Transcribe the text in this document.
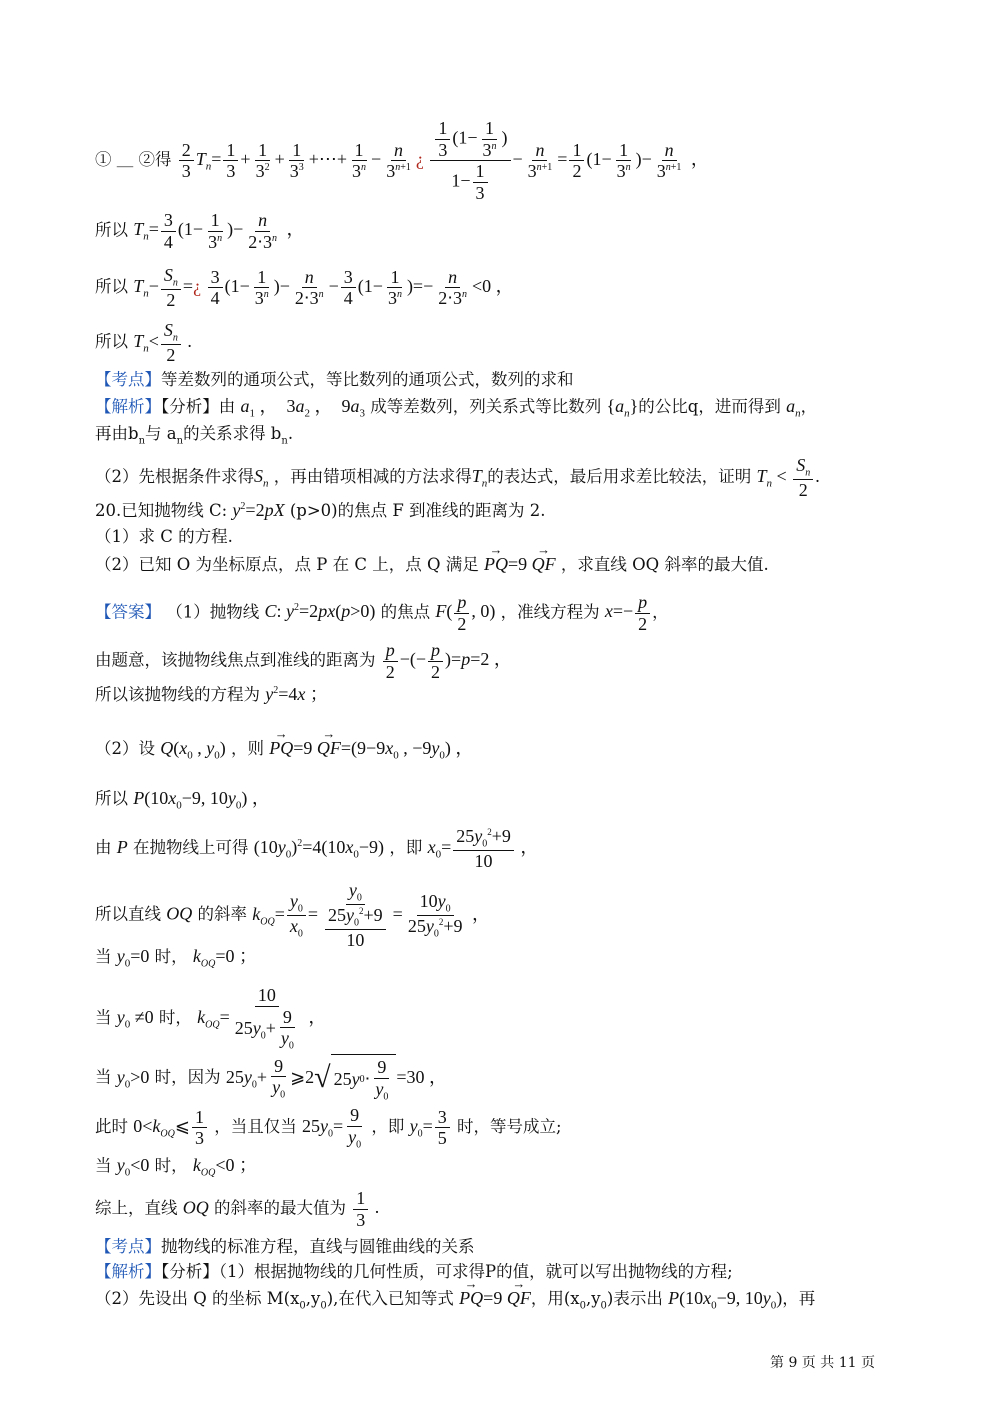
① ＿ ②得 $\frac{2}{3} T_n= \frac{1}{3} + \frac{1}{3^2} + \frac{1}{3^3}$ +⋯+ $\frac{1}{3^n} - \frac{n}{3^{n+1}}$ ¿ $\frac{\frac{1}{3} (1- \frac{1}{3^n} )}{1- \frac{1}{3}} - \frac{n}{3^{n+1}} = \frac{1}{2} (1- \frac{1}{3^n}$ )− $\frac{n}{3^{n+1}}$ ，
所以 $T_n= \frac{3}{4} (1- \frac{1}{3^n}$ )− $\frac{n}{2\cdot 3^n}$ ，
所以 $T_n- \frac{S_n}{2}$ =¿ $\frac{3}{4} (1- \frac{1}{3^n}$ )− $\frac{n}{2\cdot 3^n} - \frac{3}{4} (1- \frac{1}{3^n}$ )=− $\frac{n}{2\cdot 3^n} <0$ ，
所以 $T_n< \frac{S_n}{2}$ .
【考点】等差数列的通项公式，等比数列的通项公式，数列的求和
【解析】【分析】由 $a_1$ ，  $3a_2$ ，  $9a_3$ 成等差数列，列关系式等比数列 $\{a_n\}$的公比q，进而得到 $a_n$，
再由$b_n$与 $a_n$的关系求得 $b_n$.
（2）先根据条件求得$S_n$ ，再由错项相减的方法求得$T_n$的表达式，最后用求差比较法，证明 $T_n < \frac{S_n}{2}$ .
20.已知抛物线 C: $y^2=2pX$ (p>0)的焦点 F 到准线的距离为 2.
（1）求 C 的方程.
（2）已知 O 为坐标原点，点 P 在 C 上，点 Q 满足 → PQ=9 → QF ，求直线 OQ 斜率的最大值.
【答案】 （1）抛物线 C: $y^2=2px(p>0)$ 的焦点 $F( \frac{p}{2}$ , 0) ，准线方程为 $x=- \frac{p}{2}$ ，
由题意，该抛物线焦点到准线的距离为 $\frac{p}{2}$ −(− $\frac{p}{2} )=p=2$ ，
所以该抛物线的方程为 $y^2=4x$ ；
（2）设 $Q(x_0$ , $y_0$) ，则 → $PQ=9 \to QF=(9-9x_0$ , $-9y_0$) ，
所以 $P(10x_0-9$, $10y_0$) ，
由 P 在抛物线上可得 $(10y_0)^2=4(10x_0-9)$ ，即 $x_0= \frac{25y_0^2+9}{10}$ ，
所以直线 OQ 的斜率 $k_{OQ}= \frac{y_0}{x_0} = \frac{y_0}{\frac{25y_0^2+9}{10}} = \frac{10y_0}{25y_0^2+9}$ ，
当 $y_0=0$ 时， $k_{OQ}=0$ ；
当 $y_0 \ne 0$ 时， $k_{OQ}= \frac{10}{25y_0+ \frac{9}{y_0}}$ ，
当 $y_0>0$ 时，因为 $25y_0+ \frac{9}{y_0}$ ⩾2 √ 25 y 0 ⋅
9
$y_0$
=30 ，
此时 $0<k_{OQ}⩽ \frac{1}{3}$ ，当且仅当 $25y_0= \frac{9}{y_0}$ ，即 $y_0= \frac{3}{5}$ 时，等号成立;
当 $y_0<0$ 时， $k_{OQ}<0$ ；
综上，直线 OQ 的斜率的最大值为 $\frac{1}{3}$ .
【考点】抛物线的标准方程，直线与圆锥曲线的关系
【解析】【分析】（1）根据抛物线的几何性质，可求得P的值，就可以写出抛物线的方程;
（2）先设出 Q 的坐标 $M(x_0,y_0)$,在代入已知等式 → PQ=9 → QF，用$(x_0,y_0)$表示出 $P(10x_0-9$, $10y_0$)，再
第 9 页 共 11 页
